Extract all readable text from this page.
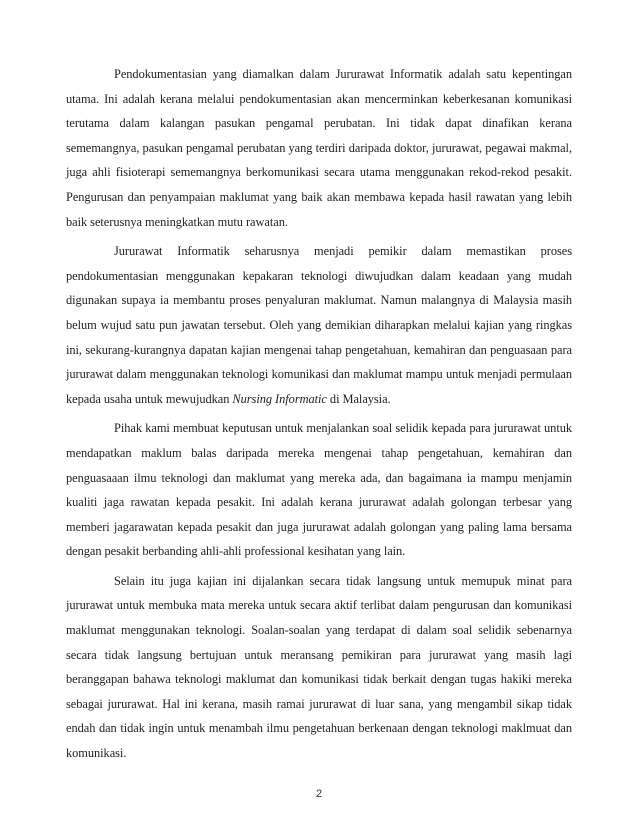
Pendokumentasian yang diamalkan dalam Jururawat Informatik adalah satu kepentingan utama. Ini adalah kerana melalui pendokumentasian akan mencerminkan keberkesanan komunikasi terutama dalam kalangan pasukan pengamal perubatan. Ini tidak dapat dinafikan kerana sememangnya, pasukan pengamal perubatan yang terdiri daripada doktor, jururawat, pegawai makmal, juga ahli fisioterapi sememangnya berkomunikasi secara utama menggunakan rekod-rekod pesakit. Pengurusan dan penyampaian maklumat yang baik akan membawa kepada hasil rawatan yang lebih baik seterusnya meningkatkan mutu rawatan.

Jururawat Informatik seharusnya menjadi pemikir dalam memastikan proses pendokumentasian menggunakan kepakaran teknologi diwujudkan dalam keadaan yang mudah digunakan supaya ia membantu proses penyaluran maklumat. Namun malangnya di Malaysia masih belum wujud satu pun jawatan tersebut. Oleh yang demikian diharapkan melalui kajian yang ringkas ini, sekurang-kurangnya dapatan kajian mengenai tahap pengetahuan, kemahiran dan penguasaan para jururawat dalam menggunakan teknologi komunikasi dan maklumat mampu untuk menjadi permulaan kepada usaha untuk mewujudkan Nursing Informatic di Malaysia.

Pihak kami membuat keputusan untuk menjalankan soal selidik kepada para jururawat untuk mendapatkan maklum balas daripada mereka mengenai tahap pengetahuan, kemahiran dan penguasaaan ilmu teknologi dan maklumat yang mereka ada, dan bagaimana ia mampu menjamin kualiti jaga rawatan kepada pesakit. Ini adalah kerana jururawat adalah golongan terbesar yang memberi jagarawatan kepada pesakit dan juga jururawat adalah golongan yang paling lama bersama dengan pesakit berbanding ahli-ahli professional kesihatan yang lain.

Selain itu juga kajian ini dijalankan secara tidak langsung untuk memupuk minat para jururawat untuk membuka mata mereka untuk secara aktif terlibat dalam pengurusan dan komunikasi maklumat menggunakan teknologi. Soalan-soalan yang terdapat di dalam soal selidik sebenarnya secara tidak langsung bertujuan untuk meransang pemikiran para jururawat yang masih lagi beranggapan bahawa teknologi maklumat dan komunikasi tidak berkait dengan tugas hakiki mereka sebagai jururawat. Hal ini kerana, masih ramai jururawat di luar sana, yang mengambil sikap tidak endah dan tidak ingin untuk menambah ilmu pengetahuan berkenaan dengan teknologi maklmuat dan komunikasi.

2
